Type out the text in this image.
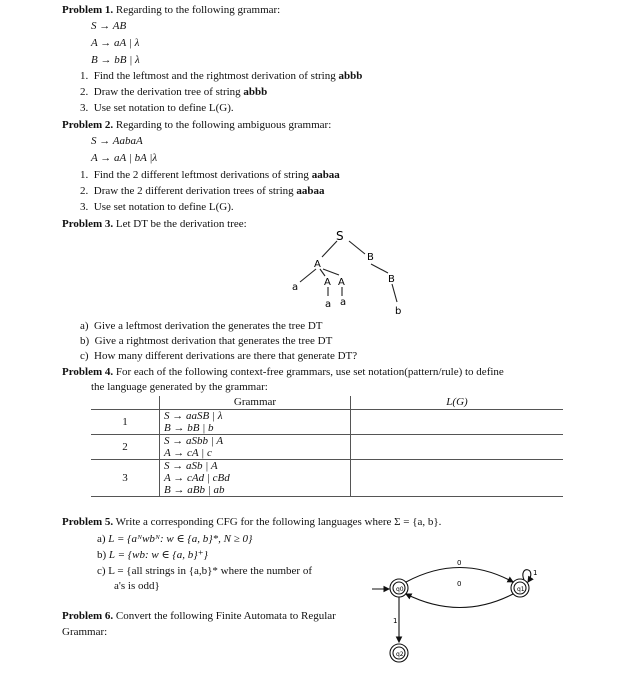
Problem 1. Regarding to the following grammar:
S → AB
A → aA | λ
B → bB | λ
1. Find the leftmost and the rightmost derivation of string abbb
2. Draw the derivation tree of string abbb
3. Use set notation to define L(G).
Problem 2. Regarding to the following ambiguous grammar:
S → AabaA
A → aA | bA |λ
1. Find the 2 different leftmost derivations of string aabaa
2. Draw the 2 different derivation trees of string aabaa
3. Use set notation to define L(G).
Problem 3. Let DT be the derivation tree:
S
A
B
a	A A	B
a a
b
a) Give a leftmost derivation the generates the tree DT
b) Give a rightmost derivation that generates the tree DT
c) How many different derivations are there that generate DT?
Problem 4. For each of the following context-free grammars, use set notation(pattern/rule) to define
the language generated by the grammar:
	Grammar	L(G)
1	S → aaSB | λ
B → bB | b	

2	S → aSbb | A
A → cA | c	

3	S → aSb | A
A → cAd | cBd
B → aBb | ab	

Problem 5. Write a corresponding CFG for the following languages where Σ = {a, b}.
a) L = {aᴺwbᴺ: w ∈ {a, b}*, N ≥ 0}
b) L = {wb: w ∈ {a, b}⁺}
c) L = {all strings in {a,b}* where the number of
a's is odd}
Problem 6. Convert the following Finite Automata to Regular
Grammar:
q0	q1
q2
0
0
1
1
